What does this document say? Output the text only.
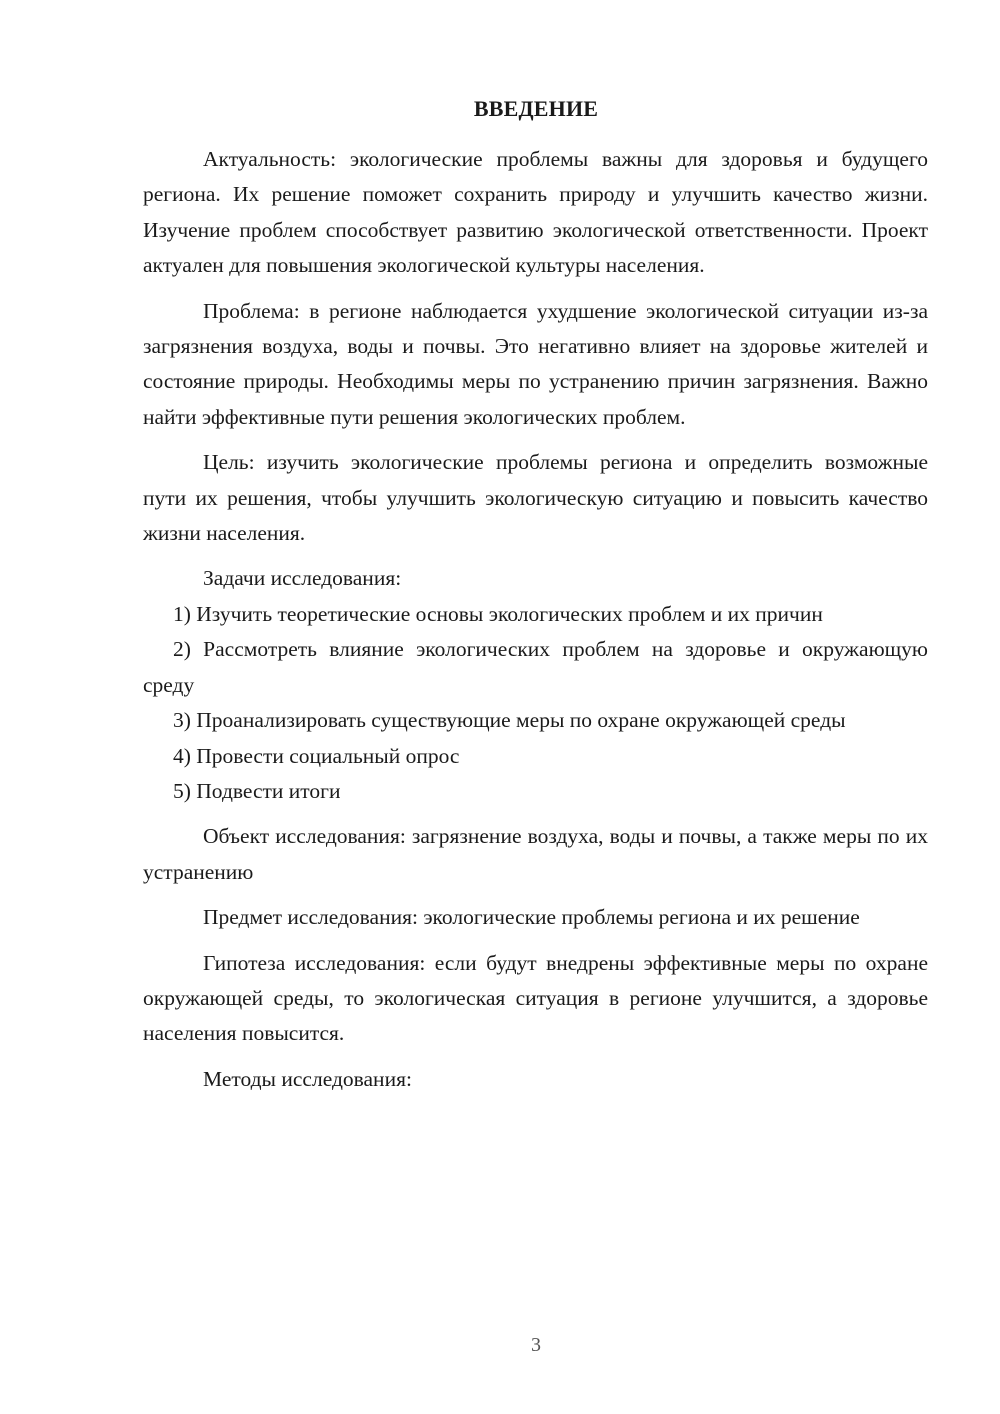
ВВЕДЕНИЕ

Актуальность: экологические проблемы важны для здоровья и будущего региона. Их решение поможет сохранить природу и улучшить качество жизни. Изучение проблем способствует развитию экологической ответственности. Проект актуален для повышения экологической культуры населения.

Проблема: в регионе наблюдается ухудшение экологической ситуации из-за загрязнения воздуха, воды и почвы. Это негативно влияет на здоровье жителей и состояние природы. Необходимы меры по устранению причин загрязнения. Важно найти эффективные пути решения экологических проблем.

Цель: изучить экологические проблемы региона и определить возможные пути их решения, чтобы улучшить экологическую ситуацию и повысить качество жизни населения.

Задачи исследования:

1) Изучить теоретические основы экологических проблем и их причин

2) Рассмотреть влияние экологических проблем на здоровье и окружающую среду

3) Проанализировать существующие меры по охране окружающей среды

4) Провести социальный опрос

5) Подвести итоги

Объект исследования: загрязнение воздуха, воды и почвы, а также меры по их устранению

Предмет исследования: экологические проблемы региона и их решение

Гипотеза исследования: если будут внедрены эффективные меры по охране окружающей среды, то экологическая ситуация в регионе улучшится, а здоровье населения повысится.

Методы исследования:

3
